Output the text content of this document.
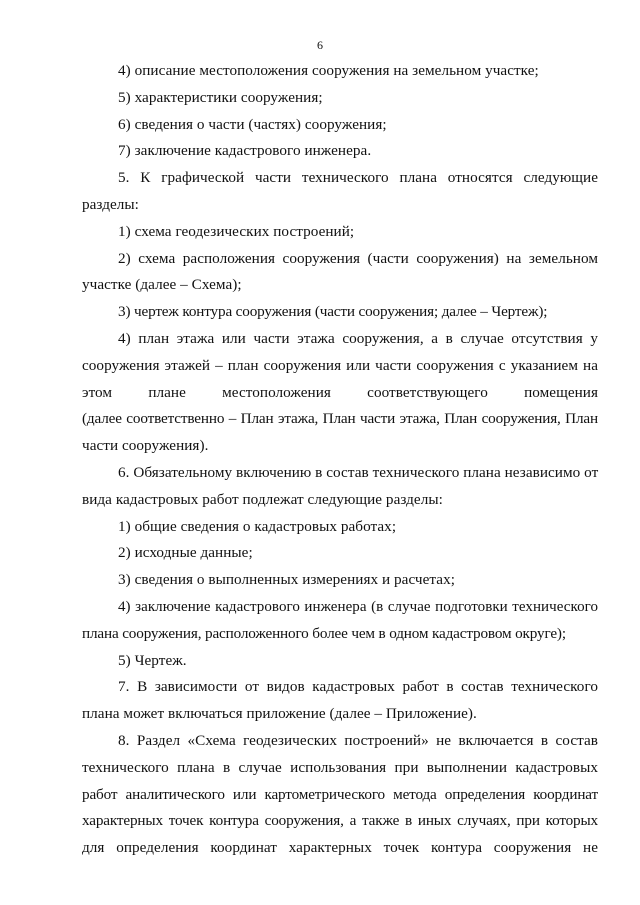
6
4) описание местоположения сооружения на земельном участке;
5) характеристики сооружения;
6) сведения о части (частях) сооружения;
7) заключение кадастрового инженера.
5. К графической части технического плана относятся следующие
разделы:
1) схема геодезических построений;
2) схема расположения сооружения (части сооружения) на земельном
участке (далее – Схема);
3) чертеж контура сооружения (части сооружения; далее – Чертеж);
4) план этажа или части этажа сооружения, а в случае отсутствия у
сооружения этажей – план сооружения или части сооружения с указанием на
этом плане местоположения соответствующего помещения
(далее соответственно – План этажа, План части этажа, План сооружения, План
части сооружения).
6. Обязательному включению в состав технического плана независимо от
вида кадастровых работ подлежат следующие разделы:
1) общие сведения о кадастровых работах;
2) исходные данные;
3) сведения о выполненных измерениях и расчетах;
4) заключение кадастрового инженера (в случае подготовки технического
плана сооружения, расположенного более чем в одном кадастровом округе);
5) Чертеж.
7. В зависимости от видов кадастровых работ в состав технического
плана может включаться приложение (далее – Приложение).
8. Раздел «Схема геодезических построений» не включается в состав
технического плана в случае использования при выполнении кадастровых
работ аналитического или картометрического метода определения координат
характерных точек контура сооружения, а также в иных случаях, при которых
для определения координат характерных точек контура сооружения не
